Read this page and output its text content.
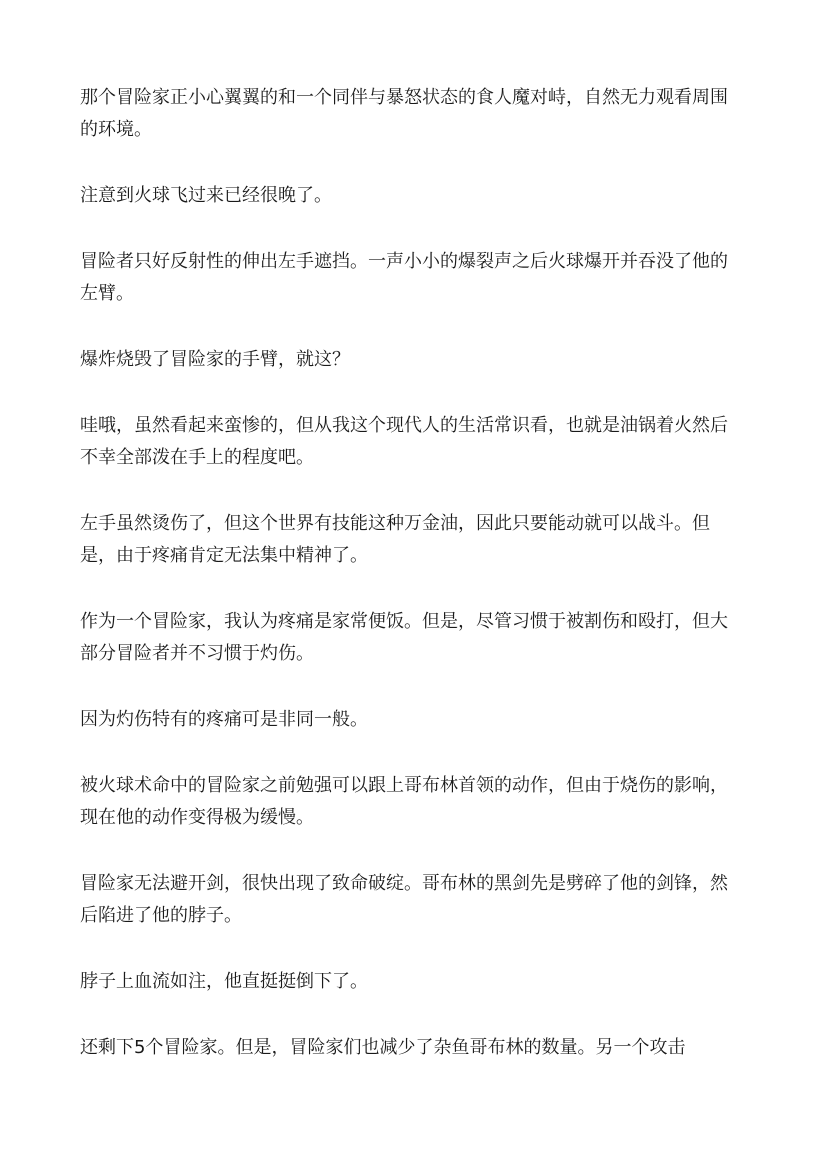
那个冒险家正小心翼翼的和一个同伴与暴怒状态的食人魔对峙，自然无力观看周围的环境。

注意到火球飞过来已经很晚了。

冒险者只好反射性的伸出左手遮挡。一声小小的爆裂声之后火球爆开并吞没了他的左臂。

爆炸烧毁了冒险家的手臂，就这？

哇哦，虽然看起来蛮惨的，但从我这个现代人的生活常识看，也就是油锅着火然后不幸全部泼在手上的程度吧。

左手虽然烫伤了，但这个世界有技能这种万金油，因此只要能动就可以战斗。但是，由于疼痛肯定无法集中精神了。

作为一个冒险家，我认为疼痛是家常便饭。但是，尽管习惯于被割伤和殴打，但大部分冒险者并不习惯于灼伤。

因为灼伤特有的疼痛可是非同一般。

被火球术命中的冒险家之前勉强可以跟上哥布林首领的动作，但由于烧伤的影响，现在他的动作变得极为缓慢。

冒险家无法避开剑，很快出现了致命破绽。哥布林的黑剑先是劈碎了他的剑锋，然后陷进了他的脖子。

脖子上血流如注，他直挺挺倒下了。

还剩下5个冒险家。但是，冒险家们也减少了杂鱼哥布林的数量。另一个攻击
